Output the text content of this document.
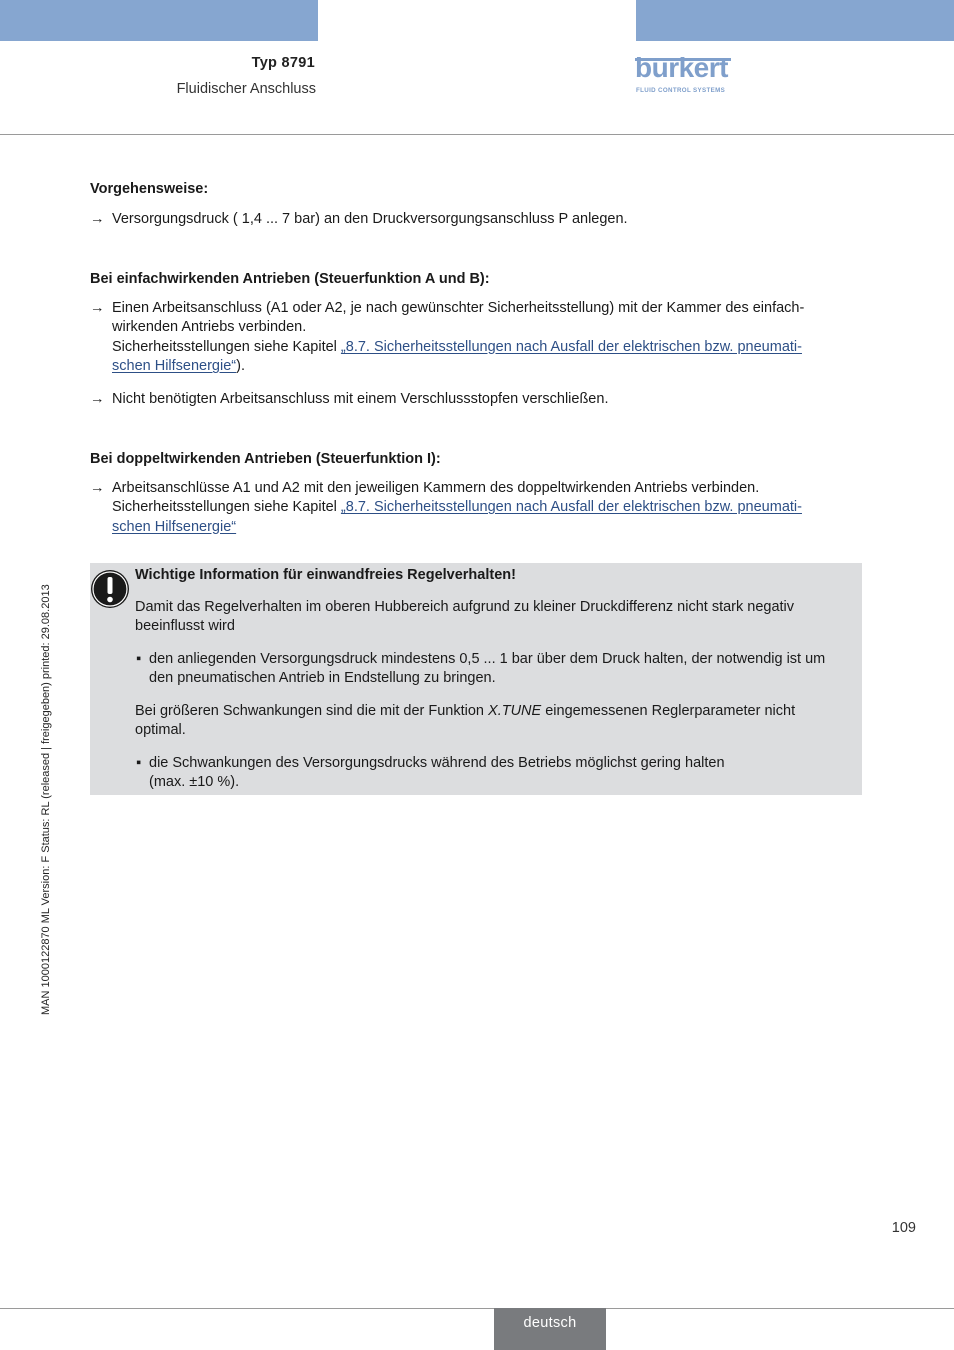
Typ 8791
Fluidischer Anschluss
bürkert
FLUID CONTROL SYSTEMS
Vorgehensweise:
→ Versorgungsdruck ( 1,4 ... 7 bar) an den Druckversorgungsanschluss P anlegen.
Bei einfachwirkenden Antrieben (Steuerfunktion A und B):
→ Einen Arbeitsanschluss (A1 oder A2, je nach gewünschter Sicherheitsstellung) mit der Kammer des einfach-
wirkenden Antriebs verbinden.
Sicherheitsstellungen siehe Kapitel „8.7. Sicherheitsstellungen nach Ausfall der elektrischen bzw. pneumati-
schen Hilfsenergie“).
→ Nicht benötigten Arbeitsanschluss mit einem Verschlussstopfen verschließen.
Bei doppeltwirkenden Antrieben (Steuerfunktion I):
→ Arbeitsanschlüsse A1 und A2 mit den jeweiligen Kammern des doppeltwirkenden Antriebs verbinden.
Sicherheitsstellungen siehe Kapitel „8.7. Sicherheitsstellungen nach Ausfall der elektrischen bzw. pneumati-
schen Hilfsenergie“
Wichtige Information für einwandfreies Regelverhalten!
Damit das Regelverhalten im oberen Hubbereich aufgrund zu kleiner Druckdifferenz nicht stark negativ beeinflusst wird
▪ den anliegenden Versorgungsdruck mindestens 0,5 ... 1 bar über dem Druck halten, der notwendig ist um den pneumatischen Antrieb in Endstellung zu bringen.
Bei größeren Schwankungen sind die mit der Funktion X.TUNE eingemessenen Reglerparameter nicht optimal.
▪ die Schwankungen des Versorgungsdrucks während des Betriebs möglichst gering halten
(max. ±10 %).
MAN 1000122870 ML Version: F Status: RL (released | freigegeben) printed: 29.08.2013
109
deutsch
